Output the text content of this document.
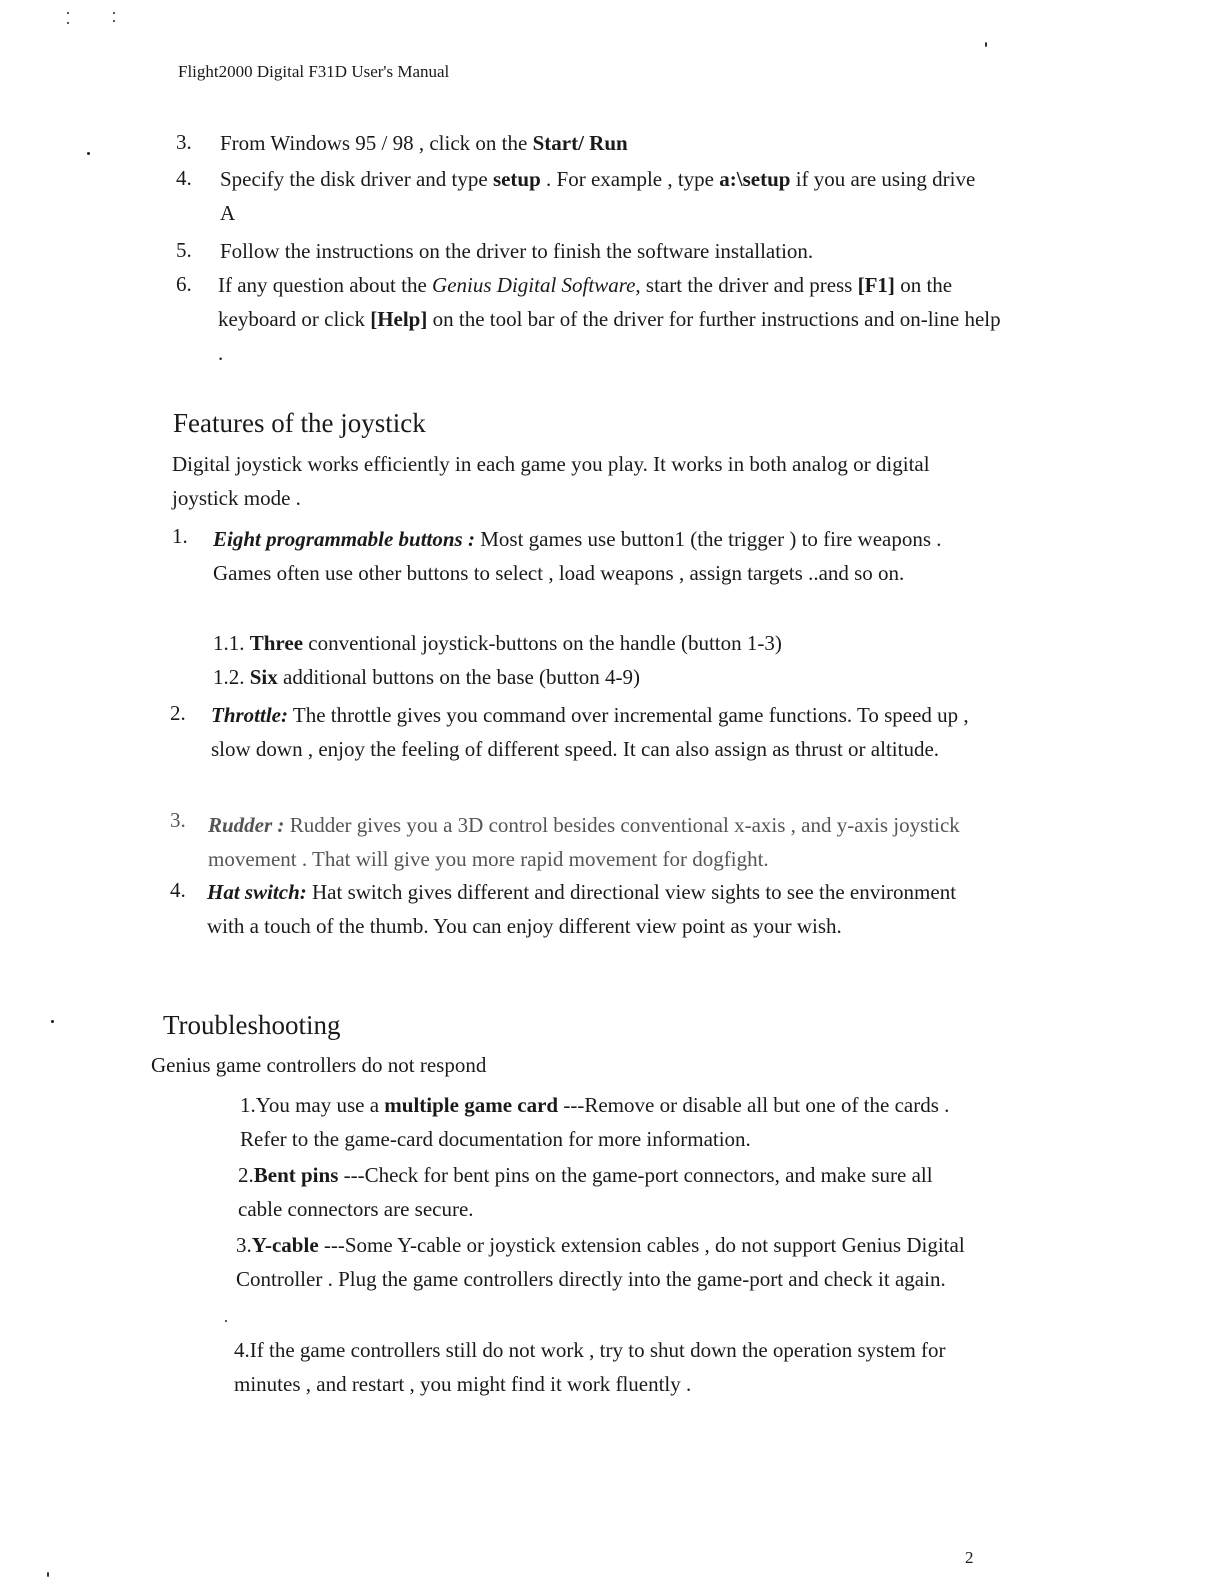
Flight2000 Digital F31D User's Manual
3. From Windows 95 / 98 , click on the Start/ Run
4. Specify the disk driver and type setup . For example , type a:\setup if you are using drive A
5. Follow the instructions on the driver to finish the software installation.
6. If any question about the Genius Digital Software, start the driver and press [F1] on the keyboard or click [Help] on the tool bar of the driver for further instructions and on-line help .
Features of the joystick
Digital joystick works efficiently in each game you play. It works in both analog or digital joystick mode .
1. Eight programmable buttons : Most games use button1 (the trigger ) to fire weapons . Games often use other buttons to select , load weapons , assign targets ..and so on.
1.1. Three conventional joystick-buttons on the handle (button 1-3)
1.2. Six additional buttons on the base (button 4-9)
2. Throttle: The throttle gives you command over incremental game functions. To speed up , slow down , enjoy the feeling of different speed. It can also assign as thrust or altitude.
3. Rudder : Rudder gives you a 3D control besides conventional x-axis , and y-axis joystick movement . That will give you more rapid movement for dogfight.
4. Hat switch: Hat switch gives different and directional view sights to see the environment with a touch of the thumb. You can enjoy different view point as your wish.
Troubleshooting
Genius game controllers do not respond
1.You may use a multiple game card ---Remove or disable all but one of the cards . Refer to the game-card documentation for more information.
2.Bent pins ---Check for bent pins on the game-port connectors, and make sure all cable connectors are secure.
3.Y-cable ---Some Y-cable or joystick extension cables , do not support Genius Digital Controller . Plug the game controllers directly into the game-port and check it again.
4.If the game controllers still do not work , try to shut down the operation system for minutes , and restart , you might find it work fluently .
2
